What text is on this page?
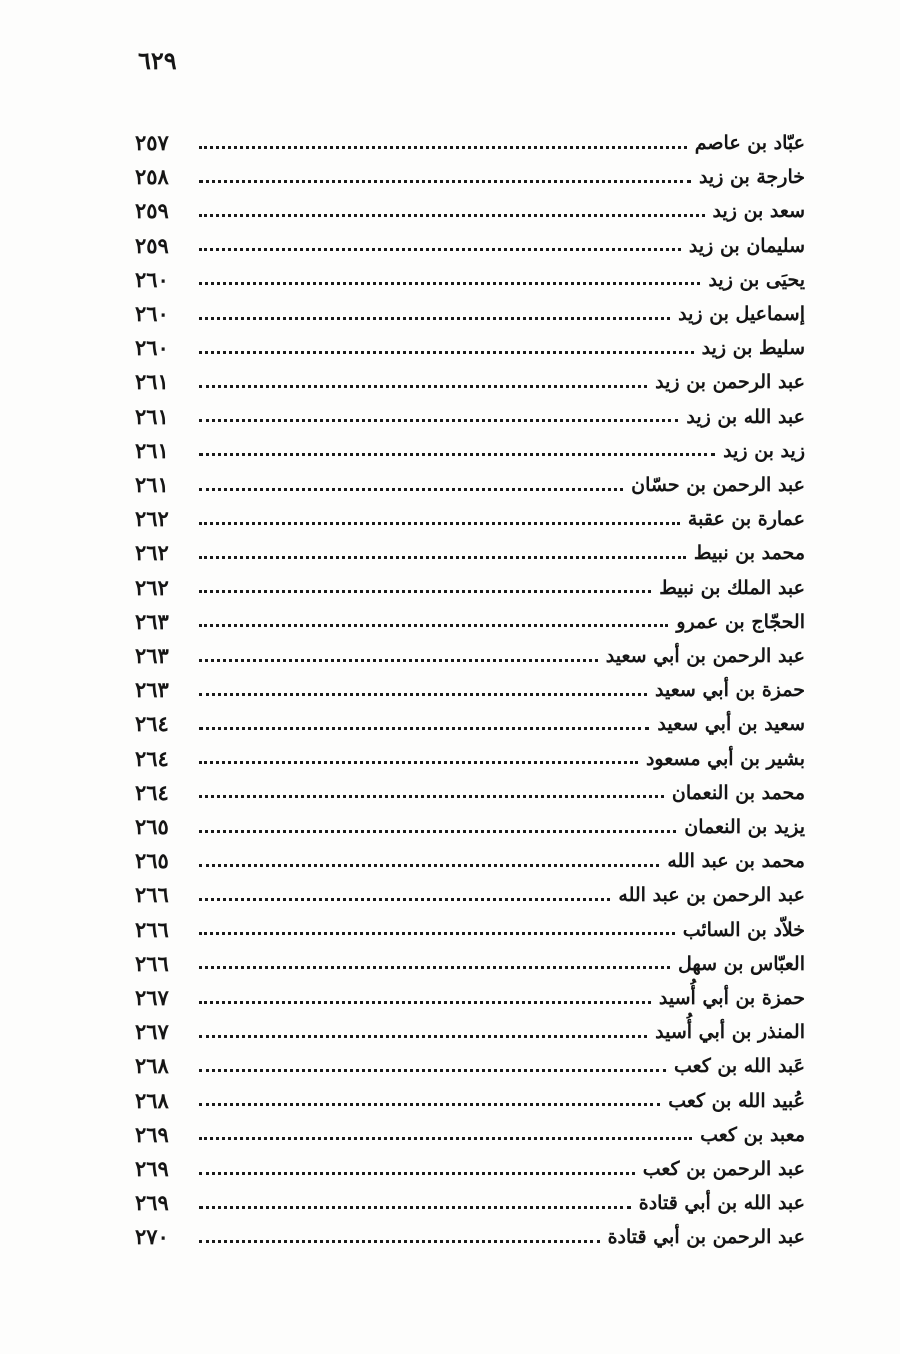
٦٢٩
٢٥٧	عبّاد بن عاصم
٢٥٨	خارجة بن زيد
٢٥٩	سعد بن زيد
٢٥٩	سليمان بن زيد
٢٦٠	يحيَى بن زيد
٢٦٠	إسماعيل بن زيد
٢٦٠	سليط بن زيد
٢٦١	عبد الرحمن بن زيد
٢٦١	عبد الله بن زيد
٢٦١	زيد بن زيد
٢٦١	عبد الرحمن بن حسّان
٢٦٢	عمارة بن عقبة
٢٦٢	محمد بن نبيط
٢٦٢	عبد الملك بن نبيط
٢٦٣	الحجّاج بن عمرو
٢٦٣	عبد الرحمن بن أبي سعيد
٢٦٣	حمزة بن أبي سعيد
٢٦٤	سعيد بن أبي سعيد
٢٦٤	بشير بن أبي مسعود
٢٦٤	محمد بن النعمان
٢٦٥	يزيد بن النعمان
٢٦٥	محمد بن عبد الله
٢٦٦	عبد الرحمن بن عبد الله
٢٦٦	خلاّد بن السائب
٢٦٦	العبّاس بن سهل
٢٦٧	حمزة بن أبي أُسيد
٢٦٧	المنذر بن أبي أُسيد
٢٦٨	عَبد الله بن كعب
٢٦٨	عُبيد الله بن كعب
٢٦٩	معبد بن كعب
٢٦٩	عبد الرحمن بن كعب
٢٦٩	عبد الله بن أبي قتادة
٢٧٠	عبد الرحمن بن أبي قتادة
